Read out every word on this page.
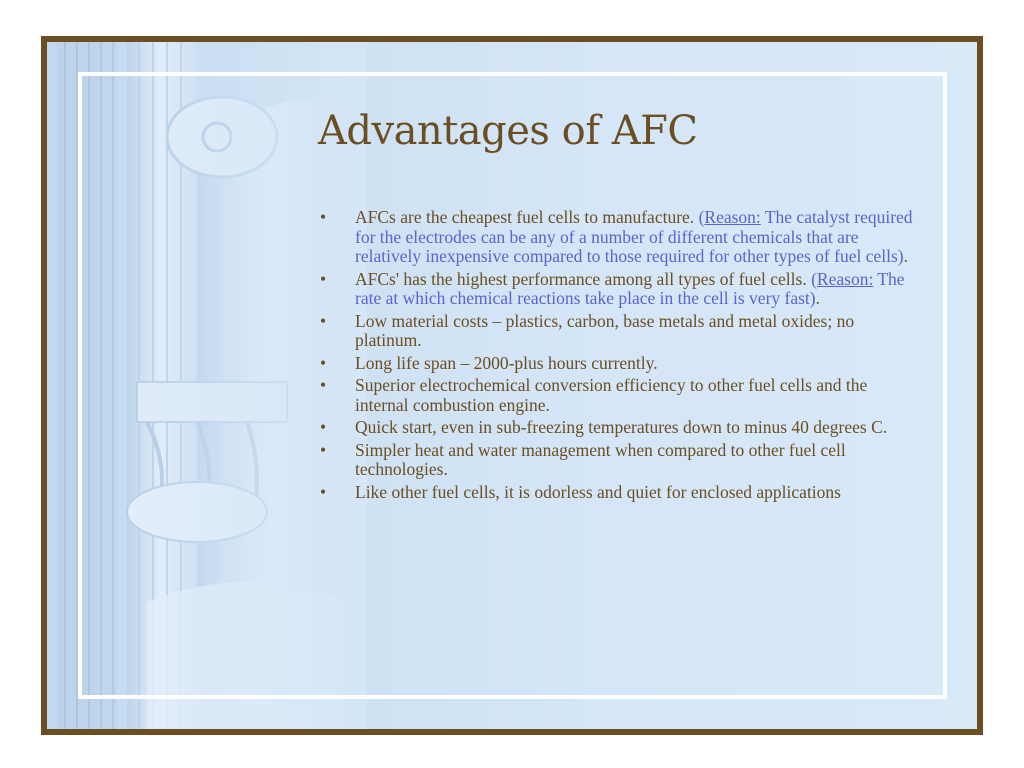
Advantages of AFC
• AFCs are the cheapest fuel cells to manufacture. (Reason: The catalyst required for the electrodes can be any of a number of different chemicals that are relatively inexpensive compared to those required for other types of fuel cells).
• AFCs' has the highest performance among all types of fuel cells. (Reason: The rate at which chemical reactions take place in the cell is very fast).
• Low material costs – plastics, carbon, base metals and metal oxides; no platinum.
• Long life span – 2000-plus hours currently.
• Superior electrochemical conversion efficiency to other fuel cells and the internal combustion engine.
• Quick start, even in sub-freezing temperatures down to minus 40 degrees C.
• Simpler heat and water management when compared to other fuel cell technologies.
• Like other fuel cells, it is odorless and quiet for enclosed applications
